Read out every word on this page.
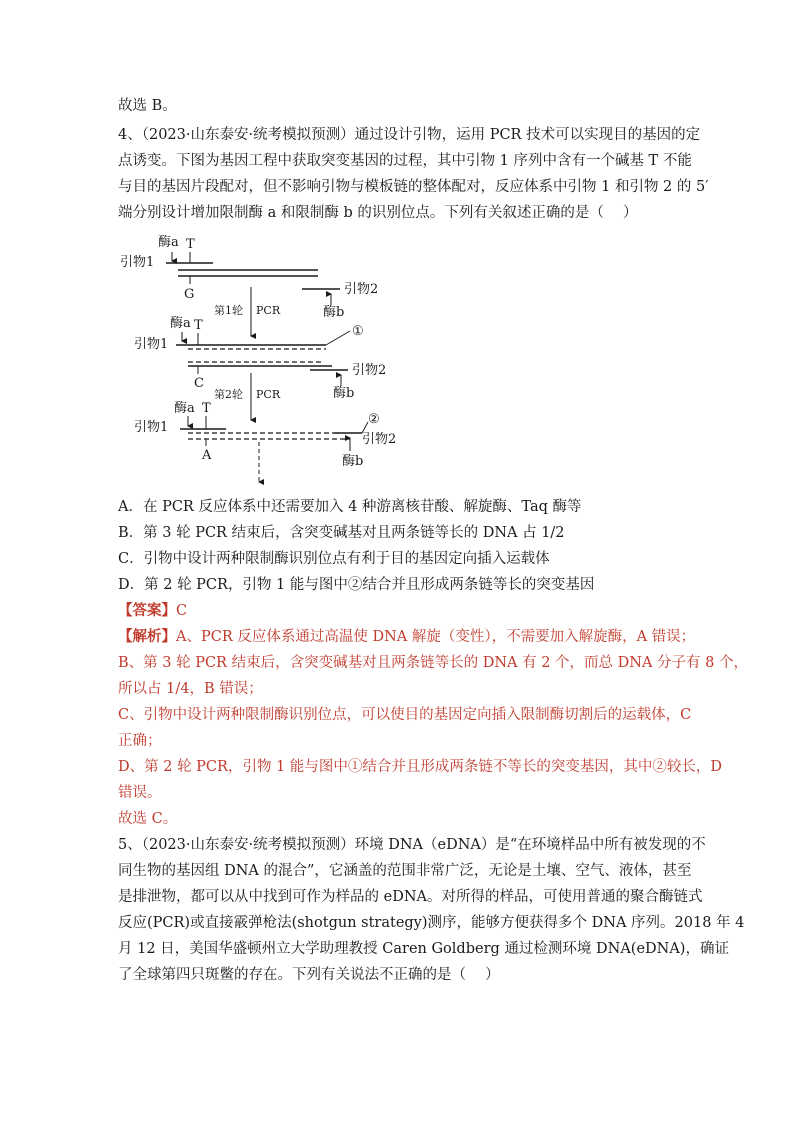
故选 B。
4、（2023·山东泰安·统考模拟预测）通过设计引物，运用 PCR 技术可以实现目的基因的定
点诱变。下图为基因工程中获取突变基因的过程，其中引物 1 序列中含有一个碱基 T 不能
与目的基因片段配对，但不影响引物与模板链的整体配对，反应体系中引物 1 和引物 2 的 5′
端分别设计增加限制酶 a 和限制酶 b 的识别位点。下列有关叙述正确的是（　 ）
酶a T
引物1
G	引物2
酶b
第1轮 PCR
酶a T
引物1
①
C
引物2
酶b
第2轮 PCR
酶a T
引物1
②
A
引物2
酶b
A．在 PCR 反应体系中还需要加入 4 种游离核苷酸、解旋酶、Taq 酶等
B．第 3 轮 PCR 结束后，含突变碱基对且两条链等长的 DNA 占 1/2
C．引物中设计两种限制酶识别位点有利于目的基因定向插入运载体
D．第 2 轮 PCR，引物 1 能与图中②结合并且形成两条链等长的突变基因
【答案】C
【解析】A、PCR 反应体系通过高温使 DNA 解旋（变性），不需要加入解旋酶，A 错误；
B、第 3 轮 PCR 结束后，含突变碱基对且两条链等长的 DNA 有 2 个，而总 DNA 分子有 8 个，
所以占 1/4，B 错误；
C、引物中设计两种限制酶识别位点，可以使目的基因定向插入限制酶切割后的运载体，C
正确；
D、第 2 轮 PCR，引物 1 能与图中①结合并且形成两条链不等长的突变基因，其中②较长，D
错误。
故选 C。
5、（2023·山东泰安·统考模拟预测）环境 DNA（eDNA）是“在环境样品中所有被发现的不
同生物的基因组 DNA 的混合”，它涵盖的范围非常广泛，无论是土壤、空气、液体，甚至
是排泄物，都可以从中找到可作为样品的 eDNA。对所得的样品，可使用普通的聚合酶链式
反应(PCR)或直接霰弹枪法(shotgun strategy)测序，能够方便获得多个 DNA 序列。2018 年 4
月 12 日，美国华盛顿州立大学助理教授 Caren Goldberg 通过检测环境 DNA(eDNA)，确证
了全球第四只斑鳖的存在。下列有关说法不正确的是（　 ）
